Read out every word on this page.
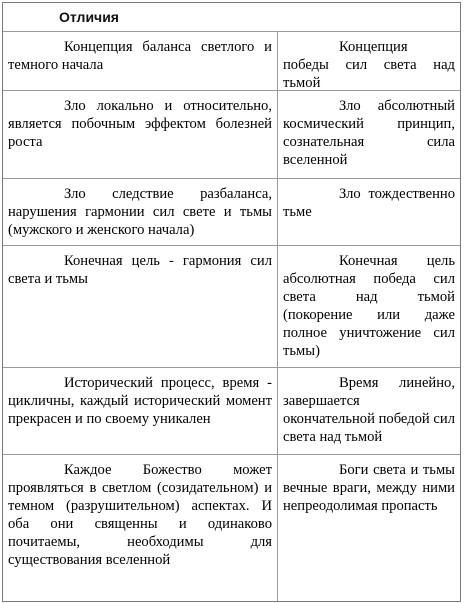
Отличия
Концепция баланса светлого и темного начала
Концепция победы сил света над тьмой
Зло локально и относительно, является побочным эффектом болезней роста
Зло абсолютный космический принцип, сознательная сила вселенной
Зло следствие разбаланса, нарушения гармонии сил свете и тьмы (мужского и женского начала)
Зло тождественно тьме
Конечная цель - гармония сил света и тьмы
Конечная цель абсолютная победа сил света над тьмой (покорение или даже полное уничтожение сил тьмы)
Исторический процесс, время - цикличны, каждый исторический момент прекрасен и по своему уникален
Время линейно, завершается окончательной победой сил света над тьмой
Каждое Божество может проявляться в светлом (созидательном) и темном (разрушительном) аспектах. И оба они священны и одинаково почитаемы, необходимы для существования вселенной
Боги света и тьмы вечные враги, между ними непреодолимая пропасть
